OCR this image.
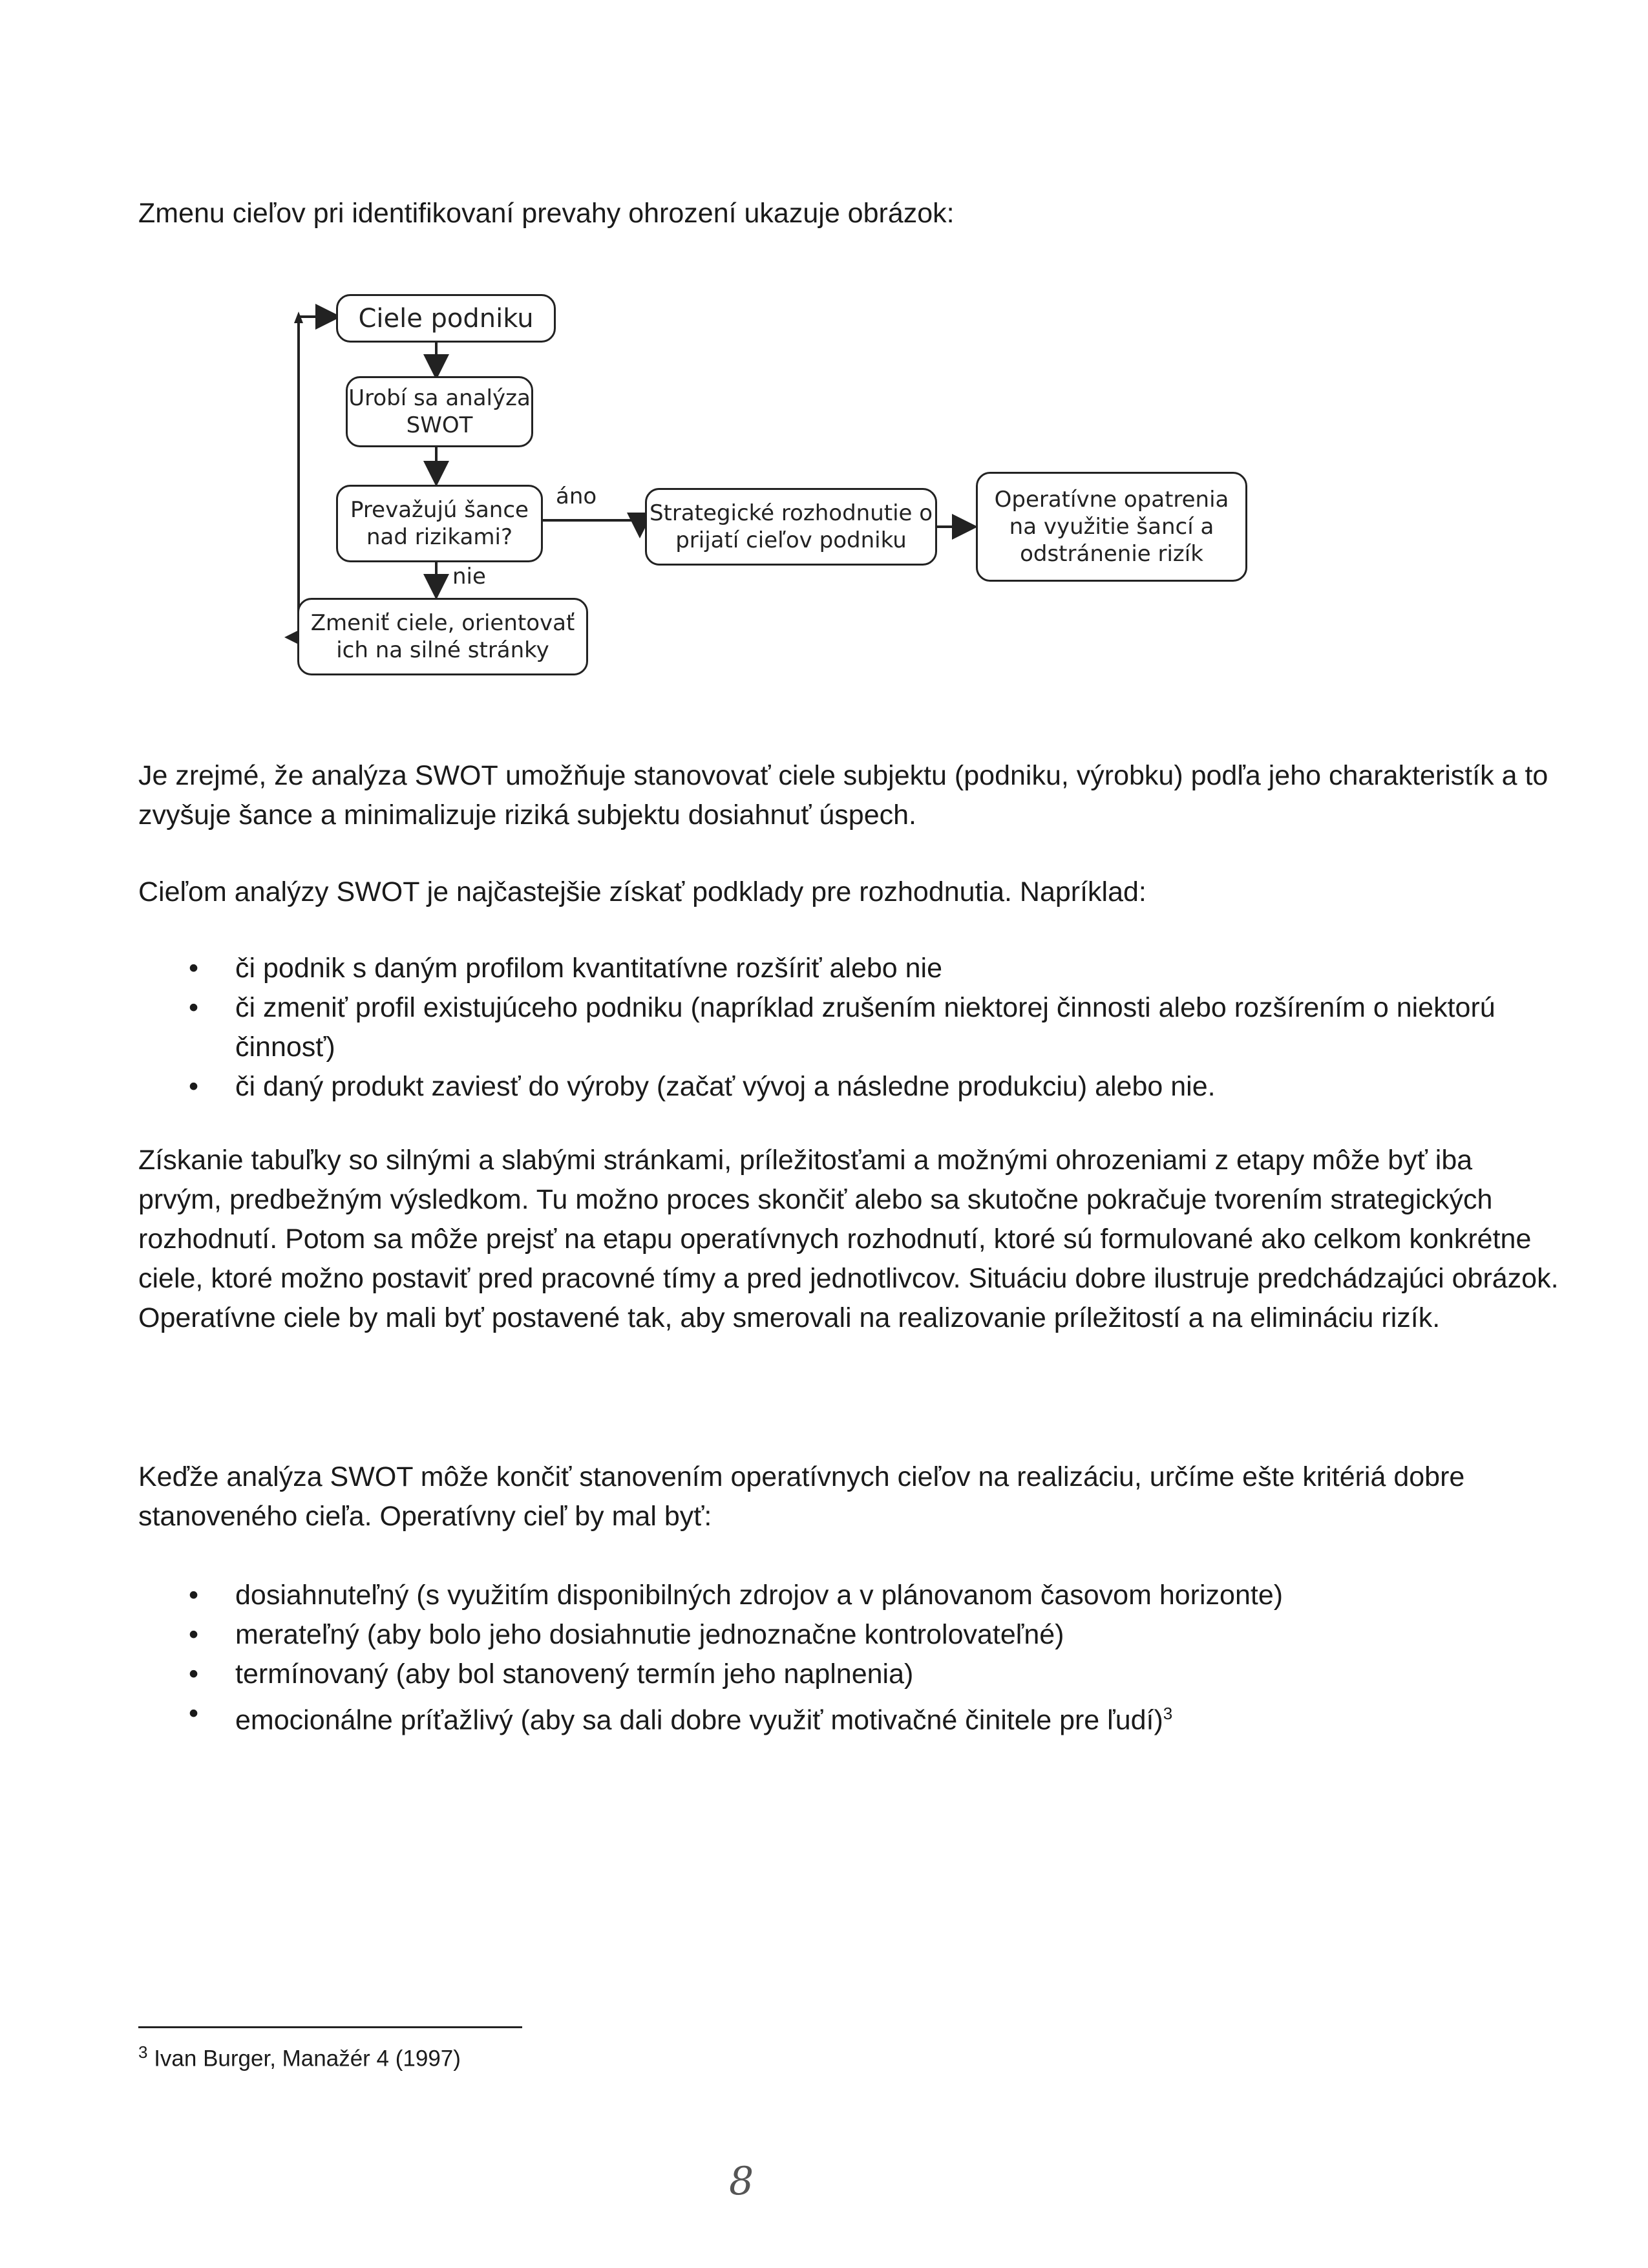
Zmenu cieľov pri identifikovaní prevahy ohrození ukazuje obrázok:

Ciele podniku
Urobí sa analýza SWOT
Prevažujú šance nad rizikami?
Zmeniť ciele, orientovať ich na silné stránky
Strategické rozhodnutie o prijatí cieľov podniku
Operatívne opatrenia na využitie šancí a odstránenie rizík
áno
nie

Je zrejmé, že analýza SWOT umožňuje stanovovať ciele subjektu (podniku, výrobku) podľa jeho charakteristík a to zvyšuje šance a minimalizuje riziká subjektu dosiahnuť úspech.

Cieľom analýzy SWOT je najčastejšie získať podklady pre rozhodnutia. Napríklad:

• či podnik s daným profilom kvantitatívne rozšíriť alebo nie
• či zmeniť profil existujúceho podniku (napríklad zrušením niektorej činnosti alebo rozšírením o niektorú činnosť)
• či daný produkt zaviesť do výroby (začať vývoj a následne produkciu) alebo nie.

Získanie tabuľky so silnými a slabými stránkami, príležitosťami a možnými ohrozeniami z etapy môže byť iba prvým, predbežným výsledkom. Tu možno proces skončiť alebo sa skutočne pokračuje tvorením strategických rozhodnutí. Potom sa môže prejsť na etapu operatívnych rozhodnutí, ktoré sú formulované ako celkom konkrétne ciele, ktoré možno postaviť pred pracovné tímy a pred jednotlivcov. Situáciu dobre ilustruje predchádzajúci obrázok. Operatívne ciele by mali byť postavené tak, aby smerovali na realizovanie príležitostí a na elimináciu rizík.

Keďže analýza SWOT môže končiť stanovením operatívnych cieľov na realizáciu, určíme ešte kritériá dobre stanoveného cieľa. Operatívny cieľ by mal byť:

• dosiahnuteľný (s využitím disponibilných zdrojov a v plánovanom časovom horizonte)
• merateľný (aby bolo jeho dosiahnutie jednoznačne kontrolovateľné)
• termínovaný (aby bol stanovený termín jeho naplnenia)
• emocionálne príťažlivý (aby sa dali dobre využiť motivačné činitele pre ľudí)$^3$
$^3$ Ivan Burger, Manažér 4 (1997)
8
